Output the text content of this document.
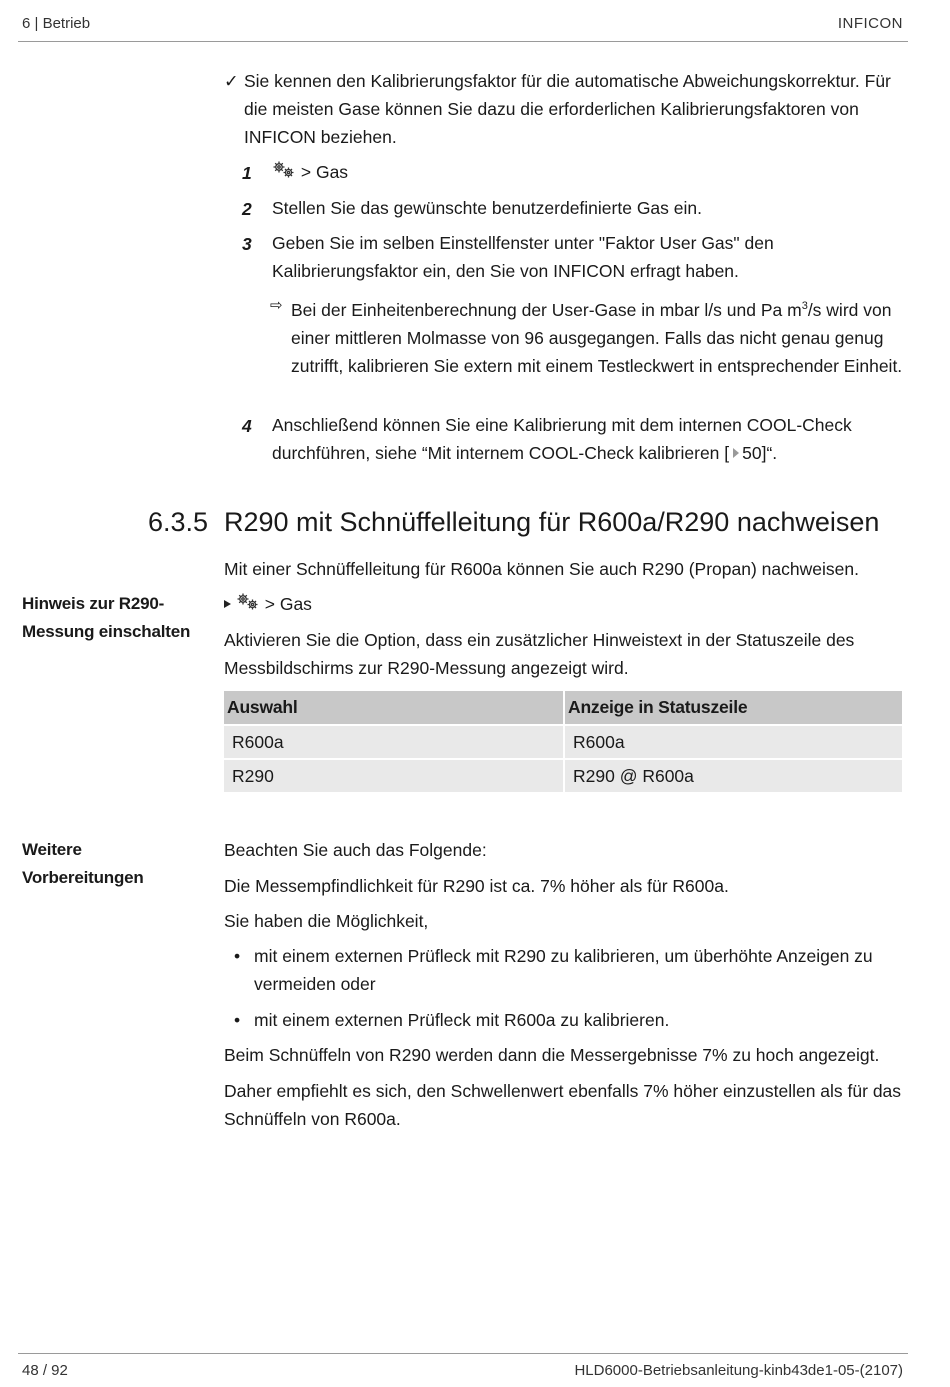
6 | Betrieb	INFICON
✓ Sie kennen den Kalibrierungsfaktor für die automatische Abweichungskorrektur. Für die meisten Gase können Sie dazu die erforderlichen Kalibrierungsfaktoren von INFICON beziehen.
1	> Gas
2 Stellen Sie das gewünschte benutzerdefinierte Gas ein.
3 Geben Sie im selben Einstellfenster unter "Faktor User Gas" den Kalibrierungsfaktor ein, den Sie von INFICON erfragt haben.
⇨ Bei der Einheitenberechnung der User-Gase in mbar l/s und Pa $m^3/s$ wird von einer mittleren Molmasse von 96 ausgegangen. Falls das nicht genau genug zutrifft, kalibrieren Sie extern mit einem Testleckwert in entsprechender Einheit.
4 Anschließend können Sie eine Kalibrierung mit dem internen COOL-Check durchführen, siehe “Mit internem COOL-Check kalibrieren [ 50]“.
6.3.5 R290 mit Schnüffelleitung für R600a/R290 nachweisen
Mit einer Schnüffelleitung für R600a können Sie auch R290 (Propan) nachweisen.
Hinweis zur R290-Messung einschalten
> Gas
Aktivieren Sie die Option, dass ein zusätzlicher Hinweistext in der Statuszeile des Messbildschirms zur R290-Messung angezeigt wird.
Auswahl	Anzeige in Statuszeile
R600a	R600a
R290	R290 @ R600a
Weitere Vorbereitungen
Beachten Sie auch das Folgende:
Die Messempfindlichkeit für R290 ist ca. 7% höher als für R600a.
Sie haben die Möglichkeit,
• mit einem externen Prüfleck mit R290 zu kalibrieren, um überhöhte Anzeigen zu vermeiden oder
• mit einem externen Prüfleck mit R600a zu kalibrieren.
Beim Schnüffeln von R290 werden dann die Messergebnisse 7% zu hoch angezeigt.
Daher empfiehlt es sich, den Schwellenwert ebenfalls 7% höher einzustellen als für das Schnüffeln von R600a.
48 / 92	HLD6000-Betriebsanleitung-kinb43de1-05-(2107)
